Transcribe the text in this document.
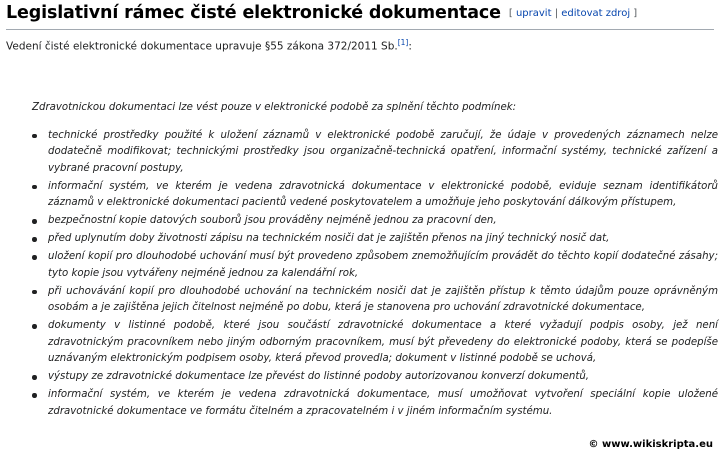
Legislativní rámec čisté elektronické dokumentace [ upravit | editovat zdroj ]
Vedení čisté elektronické dokumentace upravuje §55 zákona 372/2011 Sb.[1]:

Zdravotnickou dokumentaci lze vést pouze v elektronické podobě za splnění těchto podmínek:

technické prostředky použité k uložení záznamů v elektronické podobě zaručují, že údaje v provedených záznamech nelze dodatečně modifikovat; technickými prostředky jsou organizačně-technická opatření, informační systémy, technické zařízení a vybrané pracovní postupy,
informační systém, ve kterém je vedena zdravotnická dokumentace v elektronické podobě, eviduje seznam identifikátorů záznamů v elektronické dokumentaci pacientů vedené poskytovatelem a umožňuje jeho poskytování dálkovým přístupem,
bezpečnostní kopie datových souborů jsou prováděny nejméně jednou za pracovní den,
před uplynutím doby životnosti zápisu na technickém nosiči dat je zajištěn přenos na jiný technický nosič dat,
uložení kopií pro dlouhodobé uchování musí být provedeno způsobem znemožňujícím provádět do těchto kopií dodatečné zásahy; tyto kopie jsou vytvářeny nejméně jednou za kalendářní rok,
při uchovávání kopií pro dlouhodobé uchování na technickém nosiči dat je zajištěn přístup k těmto údajům pouze oprávněným osobám a je zajištěna jejich čitelnost nejméně po dobu, která je stanovena pro uchování zdravotnické dokumentace,
dokumenty v listinné podobě, které jsou součástí zdravotnické dokumentace a které vyžadují podpis osoby, jež není zdravotnickým pracovníkem nebo jiným odborným pracovníkem, musí být převedeny do elektronické podoby, která se podepíše uznávaným elektronickým podpisem osoby, která převod provedla; dokument v listinné podobě se uchová,
výstupy ze zdravotnické dokumentace lze převést do listinné podoby autorizovanou konverzí dokumentů,
informační systém, ve kterém je vedena zdravotnická dokumentace, musí umožňovat vytvoření speciální kopie uložené zdravotnické dokumentace ve formátu čitelném a zpracovatelném i v jiném informačním systému.
© www.wikiskripta.eu
